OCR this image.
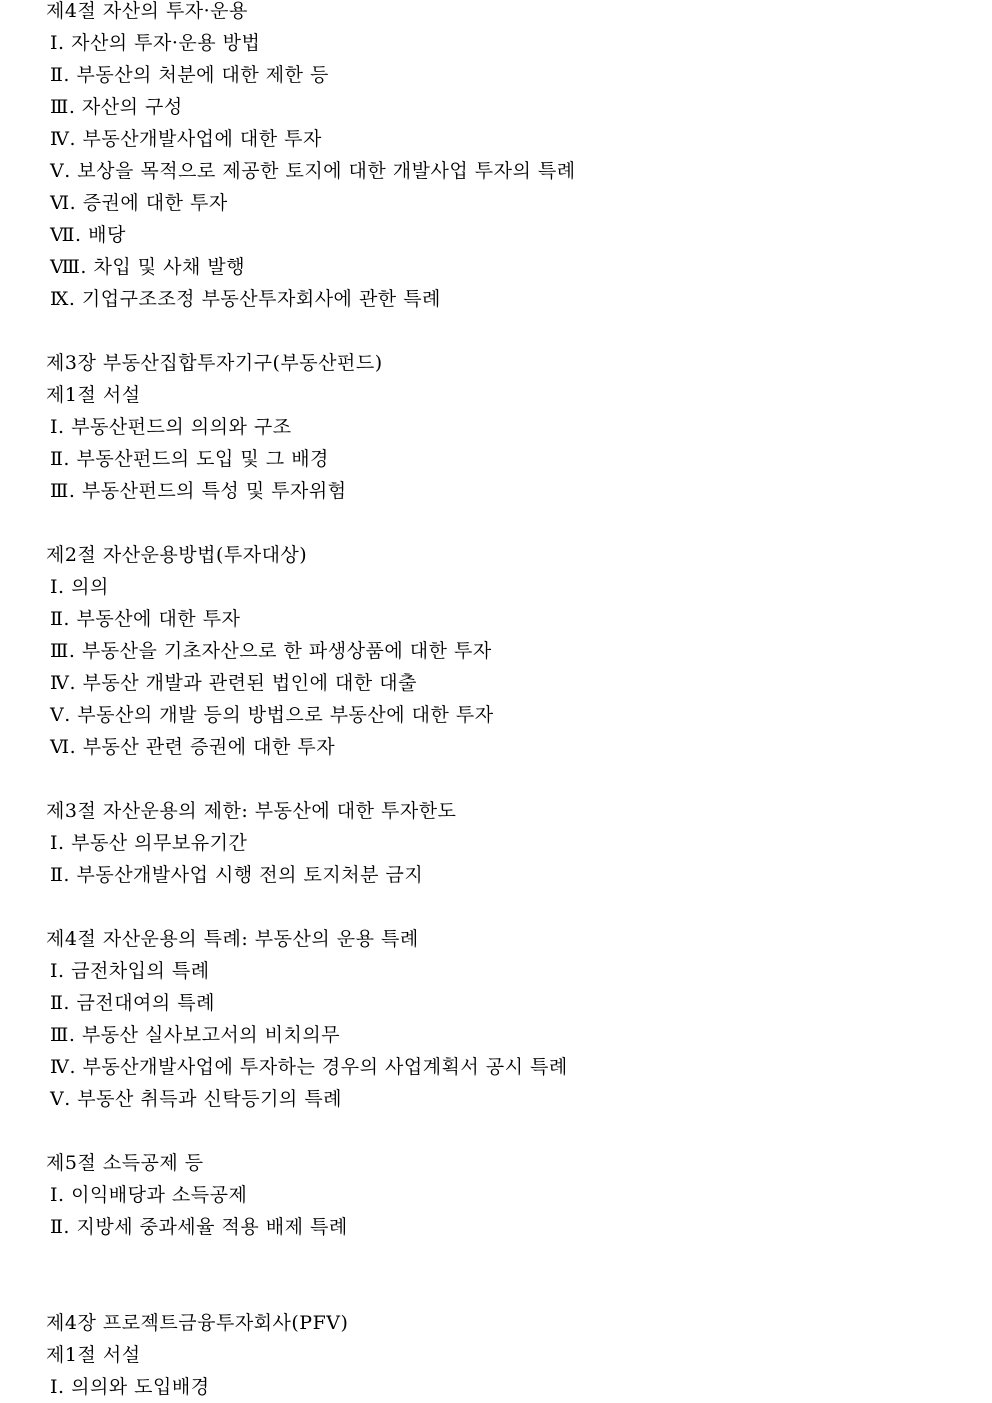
제4절 자산의 투자·운용
Ⅰ. 자산의 투자·운용 방법
Ⅱ. 부동산의 처분에 대한 제한 등
Ⅲ. 자산의 구성
Ⅳ. 부동산개발사업에 대한 투자
Ⅴ. 보상을 목적으로 제공한 토지에 대한 개발사업 투자의 특례
Ⅵ. 증권에 대한 투자
Ⅶ. 배당
Ⅷ. 차입 및 사채 발행
Ⅸ. 기업구조조정 부동산투자회사에 관한 특례
제3장 부동산집합투자기구(부동산펀드)
제1절 서설
Ⅰ. 부동산펀드의 의의와 구조
Ⅱ. 부동산펀드의 도입 및 그 배경
Ⅲ. 부동산펀드의 특성 및 투자위험
제2절 자산운용방법(투자대상)
Ⅰ. 의의
Ⅱ. 부동산에 대한 투자
Ⅲ. 부동산을 기초자산으로 한 파생상품에 대한 투자
Ⅳ. 부동산 개발과 관련된 법인에 대한 대출
Ⅴ. 부동산의 개발 등의 방법으로 부동산에 대한 투자
Ⅵ. 부동산 관련 증권에 대한 투자
제3절 자산운용의 제한: 부동산에 대한 투자한도
Ⅰ. 부동산 의무보유기간
Ⅱ. 부동산개발사업 시행 전의 토지처분 금지
제4절 자산운용의 특례: 부동산의 운용 특례
Ⅰ. 금전차입의 특례
Ⅱ. 금전대여의 특례
Ⅲ. 부동산 실사보고서의 비치의무
Ⅳ. 부동산개발사업에 투자하는 경우의 사업계획서 공시 특례
Ⅴ. 부동산 취득과 신탁등기의 특례
제5절 소득공제 등
Ⅰ. 이익배당과 소득공제
Ⅱ. 지방세 중과세율 적용 배제 특례
제4장 프로젝트금융투자회사(PFV)
제1절 서설
Ⅰ. 의의와 도입배경
